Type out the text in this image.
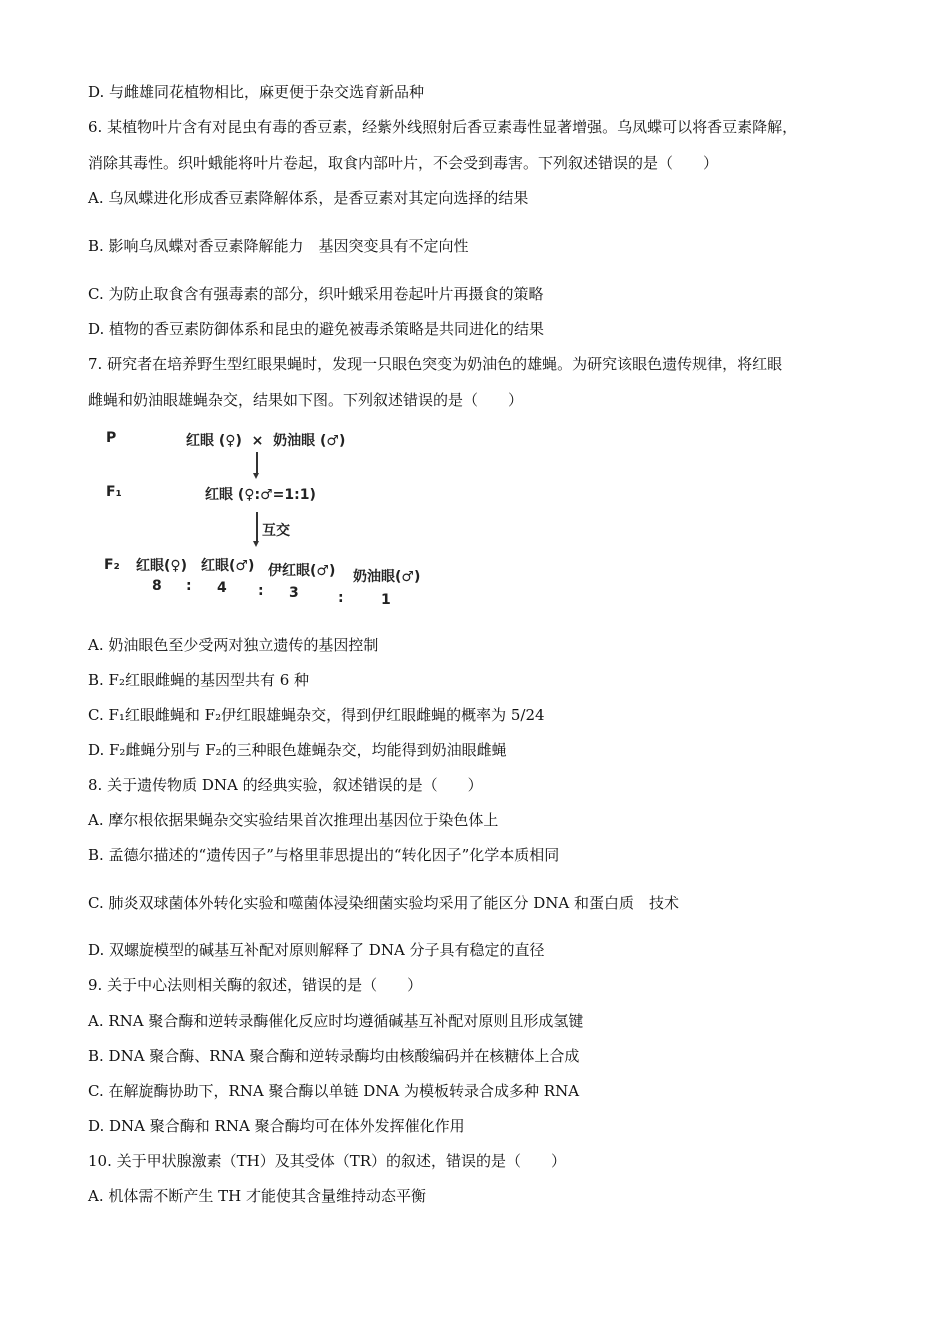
D. 与雌雄同花植物相比，麻更便于杂交选育新品种
6. 某植物叶片含有对昆虫有毒的香豆素，经紫外线照射后香豆素毒性显著增强。乌凤蝶可以将香豆素降解，
消除其毒性。织叶蛾能将叶片卷起，取食内部叶片，不会受到毒害。下列叙述错误的是（　　）
A. 乌凤蝶进化形成香豆素降解体系，是香豆素对其定向选择的结果
B. 影响乌凤蝶对香豆素降解能力　基因突变具有不定向性
C. 为防止取食含有强毒素的部分，织叶蛾采用卷起叶片再摄食的策略
D. 植物的香豆素防御体系和昆虫的避免被毒杀策略是共同进化的结果
7. 研究者在培养野生型红眼果蝇时，发现一只眼色突变为奶油色的雄蝇。为研究该眼色遗传规律，将红眼
雌蝇和奶油眼雄蝇杂交，结果如下图。下列叙述错误的是（　　）
A. 奶油眼色至少受两对独立遗传的基因控制
B. F₂红眼雌蝇的基因型共有 6 种
C. F₁红眼雌蝇和 F₂伊红眼雄蝇杂交，得到伊红眼雌蝇的概率为 5/24
D. F₂雌蝇分别与 F₂的三种眼色雄蝇杂交，均能得到奶油眼雌蝇
8. 关于遗传物质 DNA 的经典实验，叙述错误的是（　　）
A. 摩尔根依据果蝇杂交实验结果首次推理出基因位于染色体上
B. 孟德尔描述的“遗传因子”与格里菲思提出的“转化因子”化学本质相同
C. 肺炎双球菌体外转化实验和噬菌体浸染细菌实验均采用了能区分 DNA 和蛋白质　技术
D. 双螺旋模型的碱基互补配对原则解释了 DNA 分子具有稳定的直径
9. 关于中心法则相关酶的叙述，错误的是（　　）
A. RNA 聚合酶和逆转录酶催化反应时均遵循碱基互补配对原则且形成氢键
B. DNA 聚合酶、RNA 聚合酶和逆转录酶均由核酸编码并在核糖体上合成
C. 在解旋酶协助下，RNA 聚合酶以单链 DNA 为模板转录合成多种 RNA
D. DNA 聚合酶和 RNA 聚合酶均可在体外发挥催化作用
10. 关于甲状腺激素（TH）及其受体（TR）的叙述，错误的是（　　）
A. 机体需不断产生 TH 才能使其含量维持动态平衡
P	红眼 (♀)  ×  奶油眼 (♂)
F₁	红眼 (♀:♂=1:1)
互交
F₂ 红眼(♀) 红眼(♂) 伊红眼(♂) 奶油眼(♂)
8 : 4 : 3	:	1
